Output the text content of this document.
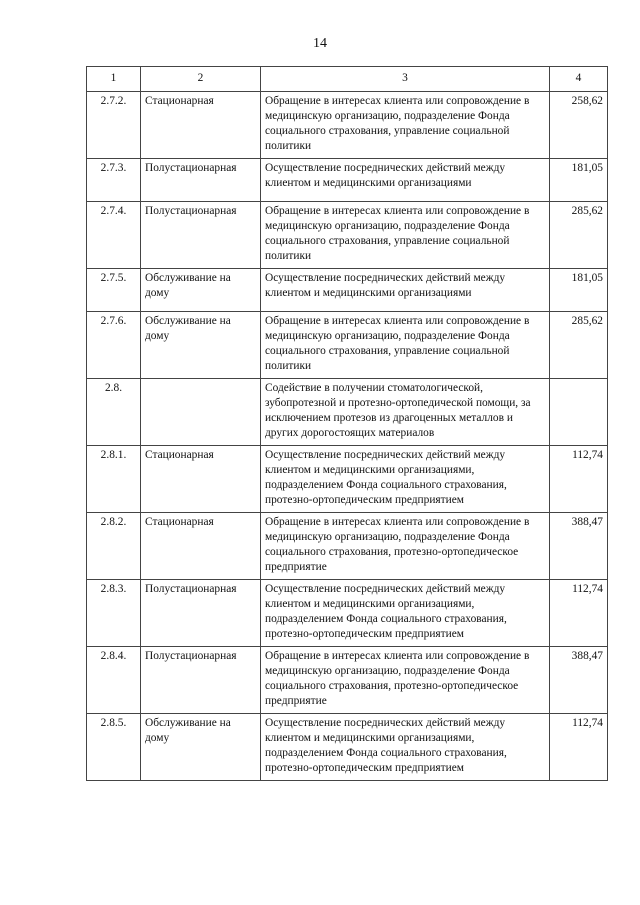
14
1	2	3	4
2.7.2.	Стационарная	Обращение в интересах клиента или сопровождение в медицинскую организацию, подразделение Фонда социального страхования, управление социальной политики	258,62
2.7.3.	Полустационарная	Осуществление посреднических действий между клиентом и медицинскими организациями	181,05
2.7.4.	Полустационарная	Обращение в интересах клиента или сопровождение в медицинскую организацию, подразделение Фонда социального страхования, управление социальной политики	285,62
2.7.5.	Обслуживание на дому	Осуществление посреднических действий между клиентом и медицинскими организациями	181,05
2.7.6.	Обслуживание на дому	Обращение в интересах клиента или сопровождение в медицинскую организацию, подразделение Фонда социального страхования, управление социальной политики	285,62
2.8.		Содействие в получении стоматологической, зубопротезной и протезно-ортопедической помощи, за исключением протезов из драгоценных металлов и других дорогостоящих материалов	
2.8.1.	Стационарная	Осуществление посреднических действий между клиентом и медицинскими организациями, подразделением Фонда социального страхования, протезно-ортопедическим предприятием	112,74
2.8.2.	Стационарная	Обращение в интересах клиента или сопровождение в медицинскую организацию, подразделение Фонда социального страхования, протезно-ортопедическое предприятие	388,47
2.8.3.	Полустационарная	Осуществление посреднических действий между клиентом и медицинскими организациями, подразделением Фонда социального страхования, протезно-ортопедическим предприятием	112,74
2.8.4.	Полустационарная	Обращение в интересах клиента или сопровождение в медицинскую организацию, подразделение Фонда социального страхования, протезно-ортопедическое предприятие	388,47
2.8.5.	Обслуживание на дому	Осуществление посреднических действий между клиентом и медицинскими организациями, подразделением Фонда социального страхования, протезно-ортопедическим предприятием	112,74
